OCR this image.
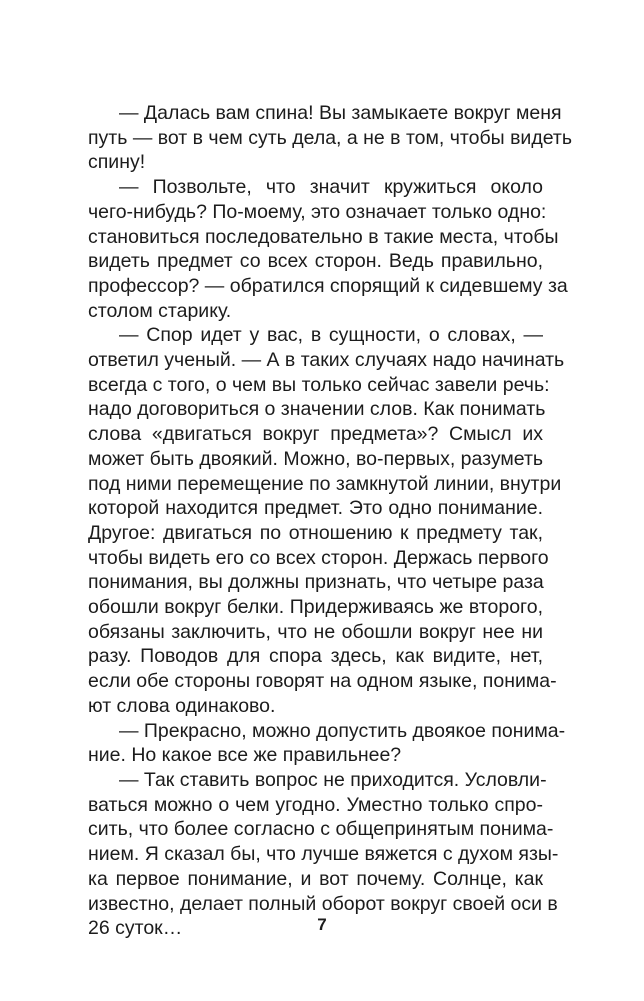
— Далась вам спина! Вы замыкаете вокруг меня
путь — вот в чем суть дела, а не в том, чтобы видеть
спину!
— Позвольте, что значит кружиться около
чего-нибудь? По-моему, это означает только одно:
становиться последовательно в такие места, чтобы
видеть предмет со всех сторон. Ведь правильно,
профессор? — обратился спорящий к сидевшему за
столом старику.
— Спор идет у вас, в сущности, о словах, —
ответил ученый. — А в таких случаях надо начинать
всегда с того, о чем вы только сейчас завели речь:
надо договориться о значении слов. Как понимать
слова «двигаться вокруг предмета»? Смысл их
может быть двоякий. Можно, во-первых, разуметь
под ними перемещение по замкнутой линии, внутри
которой находится предмет. Это одно понимание.
Другое: двигаться по отношению к предмету так,
чтобы видеть его со всех сторон. Держась первого
понимания, вы должны признать, что четыре раза
обошли вокруг белки. Придерживаясь же второго,
обязаны заключить, что не обошли вокруг нее ни
разу. Поводов для спора здесь, как видите, нет,
если обе стороны говорят на одном языке, понима-
ют слова одинаково.
— Прекрасно, можно допустить двоякое понима-
ние. Но какое все же правильнее?
— Так ставить вопрос не приходится. Условли-
ваться можно о чем угодно. Уместно только спро-
сить, что более согласно с общепринятым понима-
нием. Я сказал бы, что лучше вяжется с духом язы-
ка первое понимание, и вот почему. Солнце, как
известно, делает полный оборот вокруг своей оси в
26 суток…	7
